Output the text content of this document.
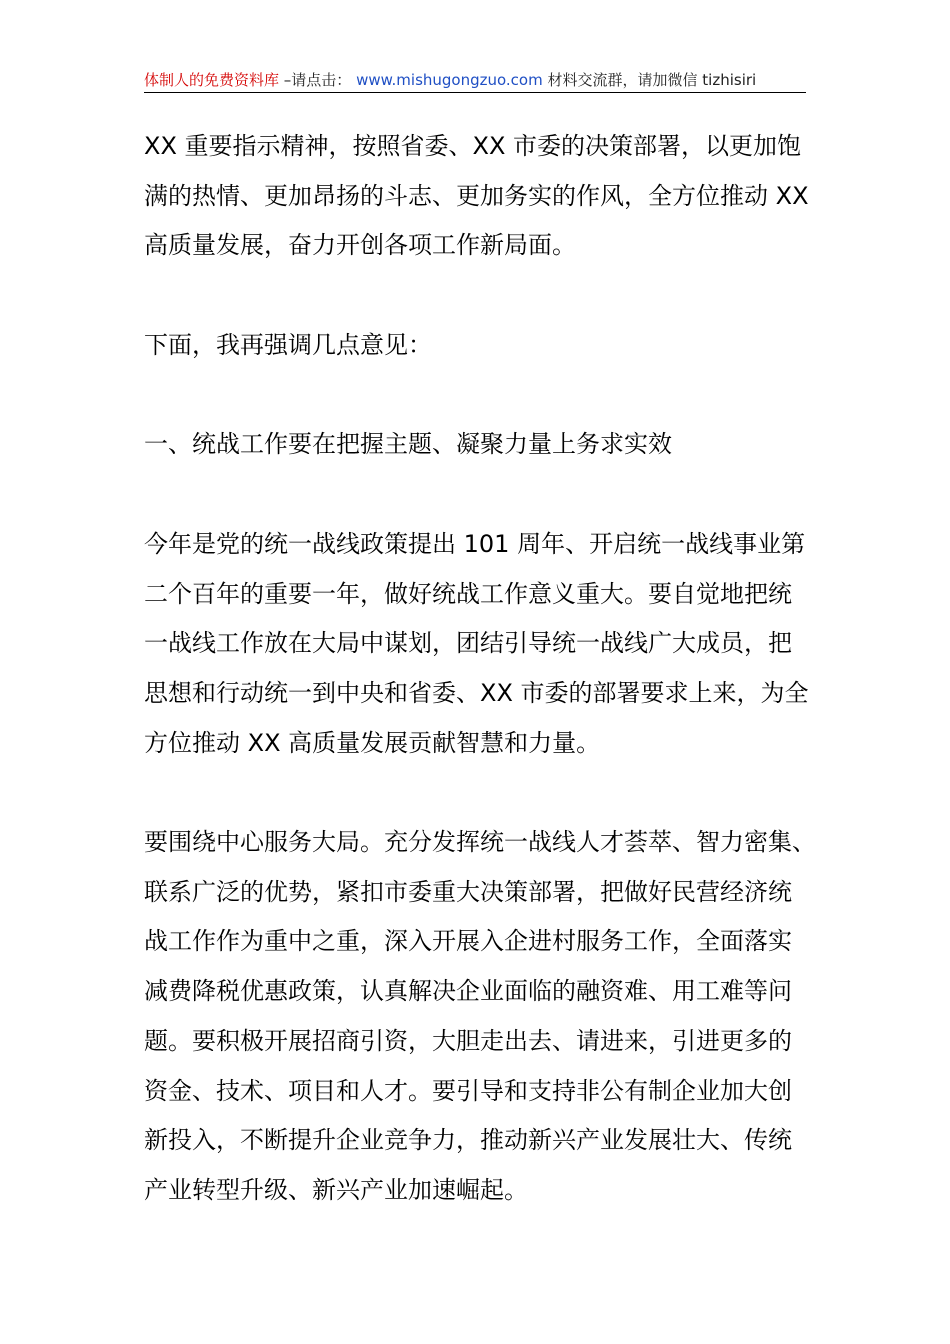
体制人的免费资料库 –请点击： www.mishugongzuo.com 材料交流群，请加微信 tizhisiri

XX 重要指示精神，按照省委、XX 市委的决策部署，以更加饱
满的热情、更加昂扬的斗志、更加务实的作风，全方位推动 XX
高质量发展，奋力开创各项工作新局面。

下面，我再强调几点意见：

一、统战工作要在把握主题、凝聚力量上务求实效

今年是党的统一战线政策提出 101 周年、开启统一战线事业第
二个百年的重要一年，做好统战工作意义重大。要自觉地把统
一战线工作放在大局中谋划，团结引导统一战线广大成员，把
思想和行动统一到中央和省委、XX 市委的部署要求上来，为全
方位推动 XX 高质量发展贡献智慧和力量。

要围绕中心服务大局。充分发挥统一战线人才荟萃、智力密集、
联系广泛的优势，紧扣市委重大决策部署，把做好民营经济统
战工作作为重中之重，深入开展入企进村服务工作，全面落实
减费降税优惠政策，认真解决企业面临的融资难、用工难等问
题。要积极开展招商引资，大胆走出去、请进来，引进更多的
资金、技术、项目和人才。要引导和支持非公有制企业加大创
新投入，不断提升企业竞争力，推动新兴产业发展壮大、传统
产业转型升级、新兴产业加速崛起。
